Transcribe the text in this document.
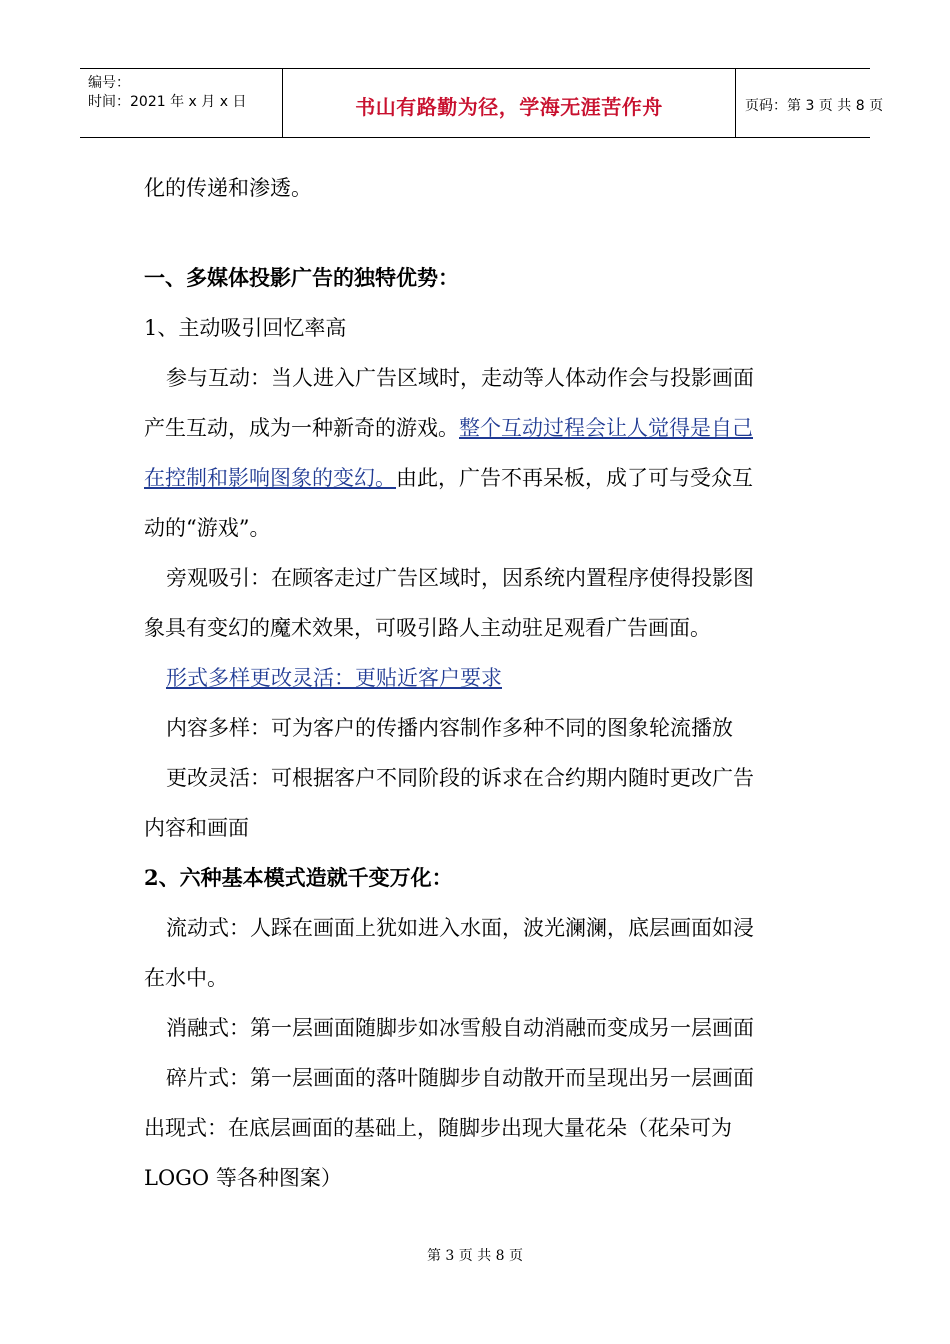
编号：
时间：2021 年 x 月 x 日	书山有路勤为径，学海无涯苦作舟	页码：第 3 页 共 8 页

化的传递和渗透。

一、多媒体投影广告的独特优势：

1、主动吸引回忆率高

参与互动：当人进入广告区域时，走动等人体动作会与投影画面

产生互动，成为一种新奇的游戏。整个互动过程会让人觉得是自己

在控制和影响图象的变幻。由此，广告不再呆板，成了可与受众互

动的“游戏”。

旁观吸引：在顾客走过广告区域时，因系统内置程序使得投影图

象具有变幻的魔术效果，可吸引路人主动驻足观看广告画面。

形式多样更改灵活：更贴近客户要求

内容多样：可为客户的传播内容制作多种不同的图象轮流播放

更改灵活：可根据客户不同阶段的诉求在合约期内随时更改广告

内容和画面

2、六种基本模式造就千变万化：

流动式：人踩在画面上犹如进入水面，波光澜澜，底层画面如浸

在水中。

消融式：第一层画面随脚步如冰雪般自动消融而变成另一层画面

碎片式：第一层画面的落叶随脚步自动散开而呈现出另一层画面

出现式：在底层画面的基础上，随脚步出现大量花朵（花朵可为

LOGO 等各种图案）

第 3 页 共 8 页
